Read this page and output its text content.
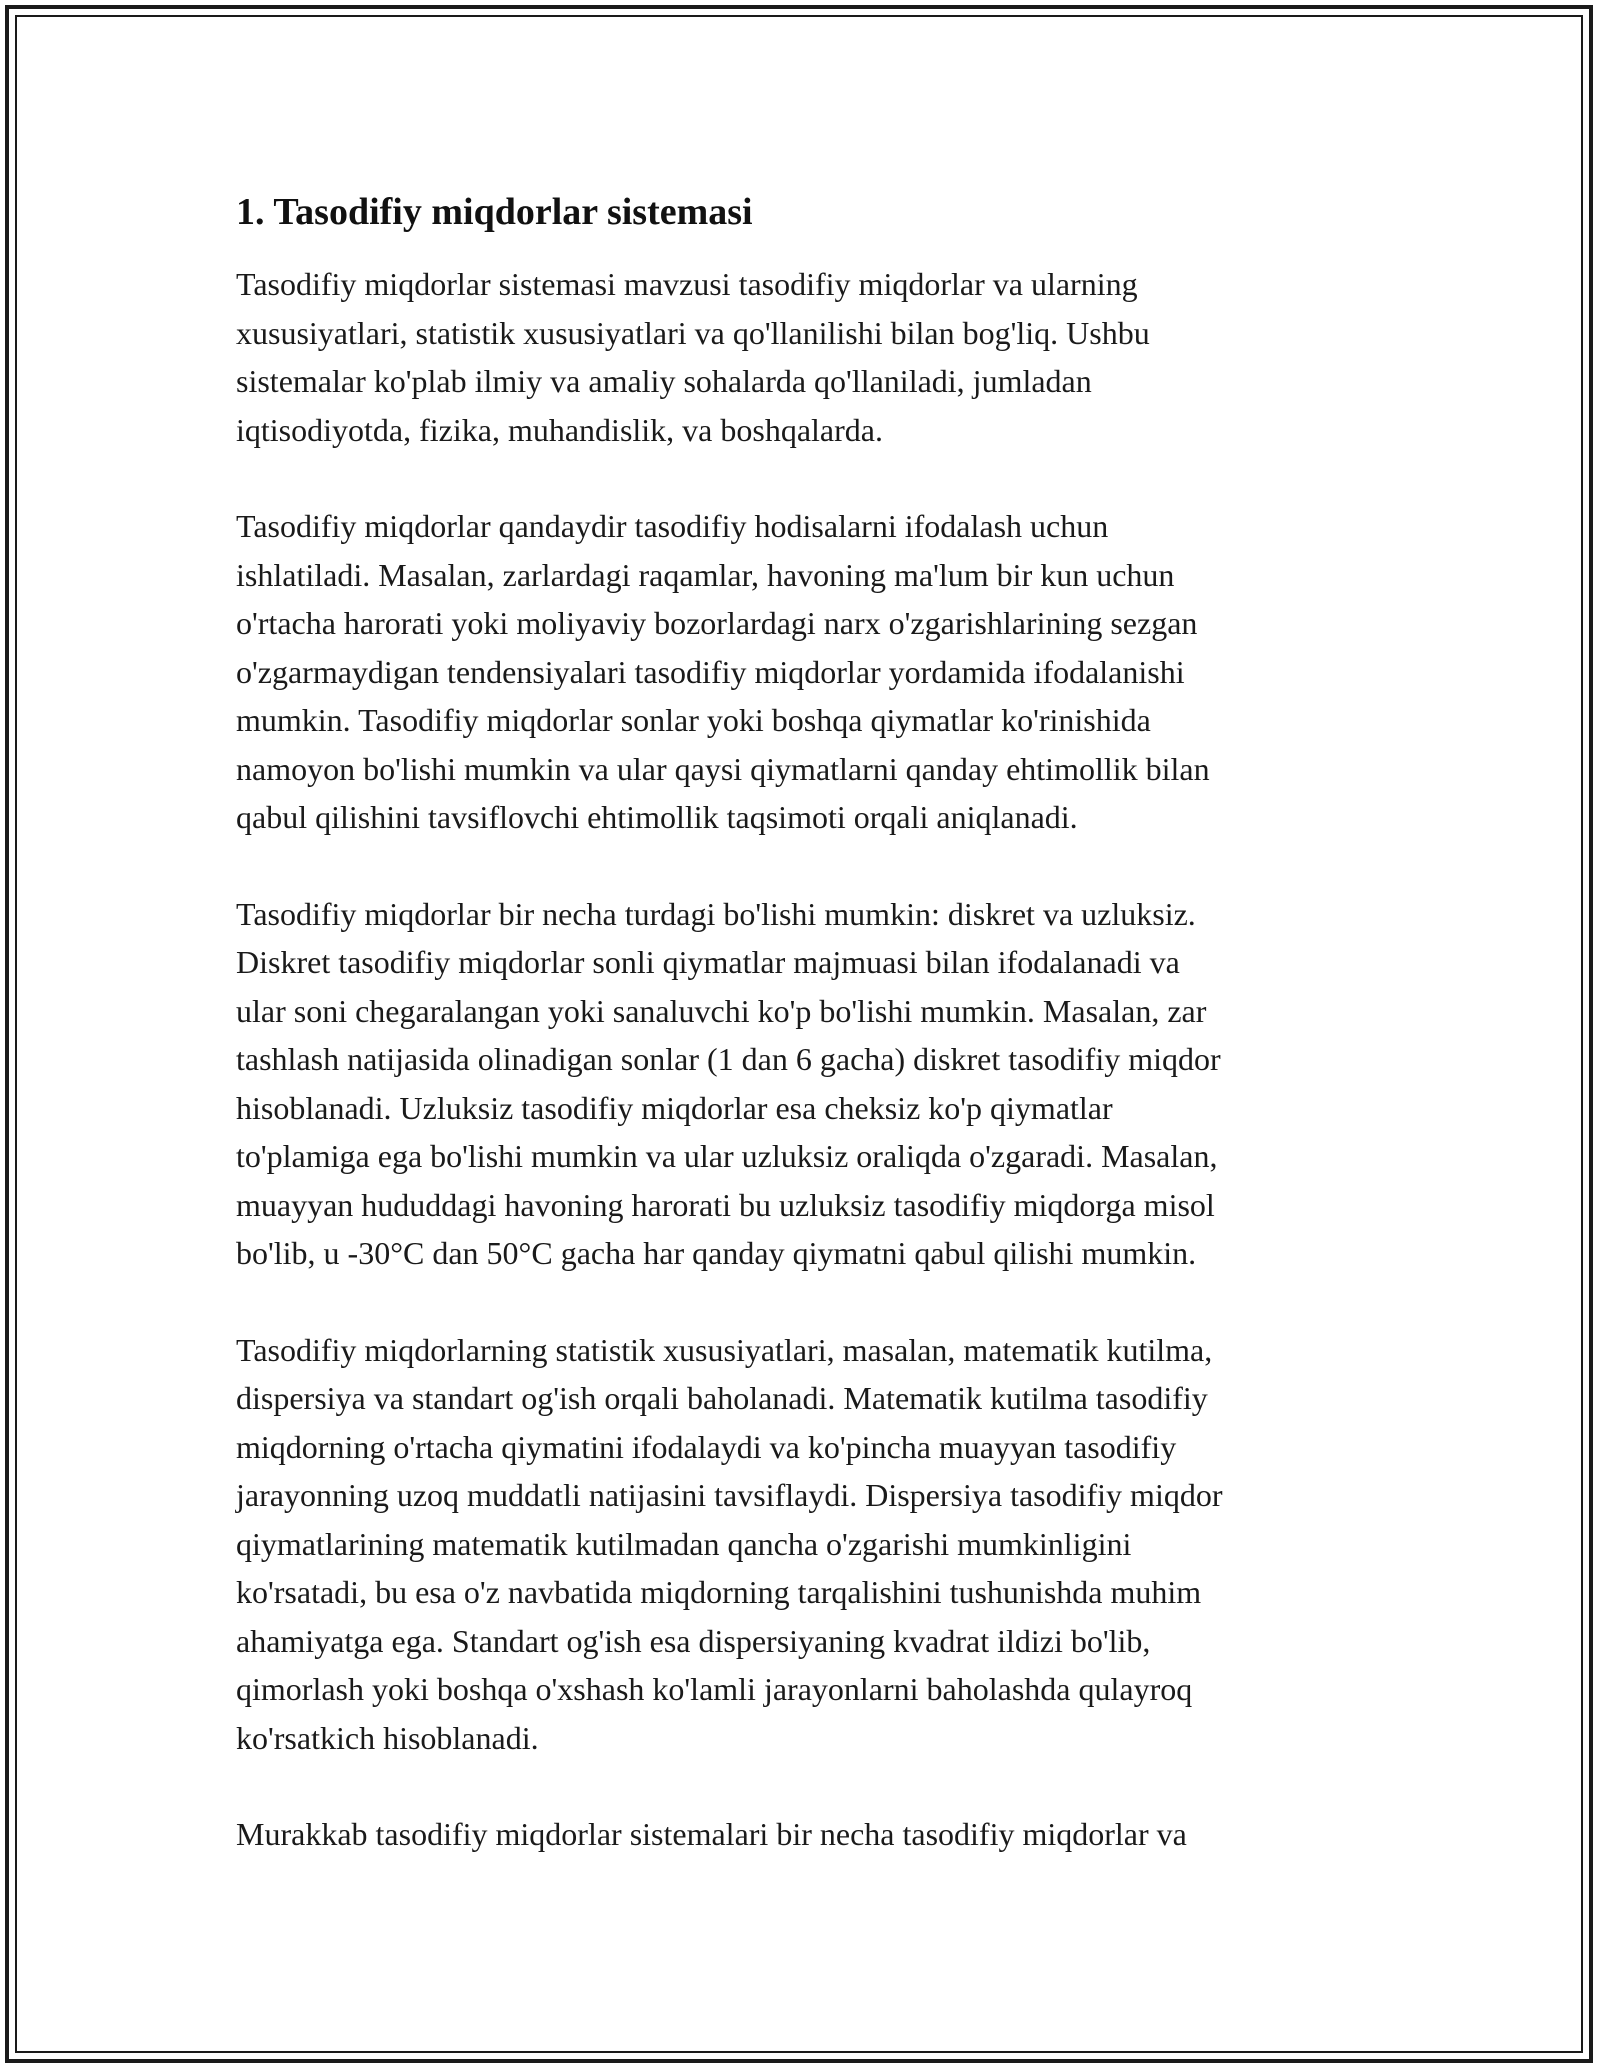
1. Tasodifiy miqdorlar sistemasi

Tasodifiy miqdorlar sistemasi mavzusi tasodifiy miqdorlar va ularning
xususiyatlari, statistik xususiyatlari va qo'llanilishi bilan bog'liq. Ushbu
sistemalar ko'plab ilmiy va amaliy sohalarda qo'llaniladi, jumladan
iqtisodiyotda, fizika, muhandislik, va boshqalarda.

Tasodifiy miqdorlar qandaydir tasodifiy hodisalarni ifodalash uchun
ishlatiladi. Masalan, zarlardagi raqamlar, havoning ma'lum bir kun uchun
o'rtacha harorati yoki moliyaviy bozorlardagi narx o'zgarishlarining sezgan
o'zgarmaydigan tendensiyalari tasodifiy miqdorlar yordamida ifodalanishi
mumkin. Tasodifiy miqdorlar sonlar yoki boshqa qiymatlar ko'rinishida
namoyon bo'lishi mumkin va ular qaysi qiymatlarni qanday ehtimollik bilan
qabul qilishini tavsiflovchi ehtimollik taqsimoti orqali aniqlanadi.

Tasodifiy miqdorlar bir necha turdagi bo'lishi mumkin: diskret va uzluksiz.
Diskret tasodifiy miqdorlar sonli qiymatlar majmuasi bilan ifodalanadi va
ular soni chegaralangan yoki sanaluvchi ko'p bo'lishi mumkin. Masalan, zar
tashlash natijasida olinadigan sonlar (1 dan 6 gacha) diskret tasodifiy miqdor
hisoblanadi. Uzluksiz tasodifiy miqdorlar esa cheksiz ko'p qiymatlar
to'plamiga ega bo'lishi mumkin va ular uzluksiz oraliqda o'zgaradi. Masalan,
muayyan hududdagi havoning harorati bu uzluksiz tasodifiy miqdorga misol
bo'lib, u -30°C dan 50°C gacha har qanday qiymatni qabul qilishi mumkin.

Tasodifiy miqdorlarning statistik xususiyatlari, masalan, matematik kutilma,
dispersiya va standart og'ish orqali baholanadi. Matematik kutilma tasodifiy
miqdorning o'rtacha qiymatini ifodalaydi va ko'pincha muayyan tasodifiy
jarayonning uzoq muddatli natijasini tavsiflaydi. Dispersiya tasodifiy miqdor
qiymatlarining matematik kutilmadan qancha o'zgarishi mumkinligini
ko'rsatadi, bu esa o'z navbatida miqdorning tarqalishini tushunishda muhim
ahamiyatga ega. Standart og'ish esa dispersiyaning kvadrat ildizi bo'lib,
qimorlash yoki boshqa o'xshash ko'lamli jarayonlarni baholashda qulayroq
ko'rsatkich hisoblanadi.

Murakkab tasodifiy miqdorlar sistemalari bir necha tasodifiy miqdorlar va
